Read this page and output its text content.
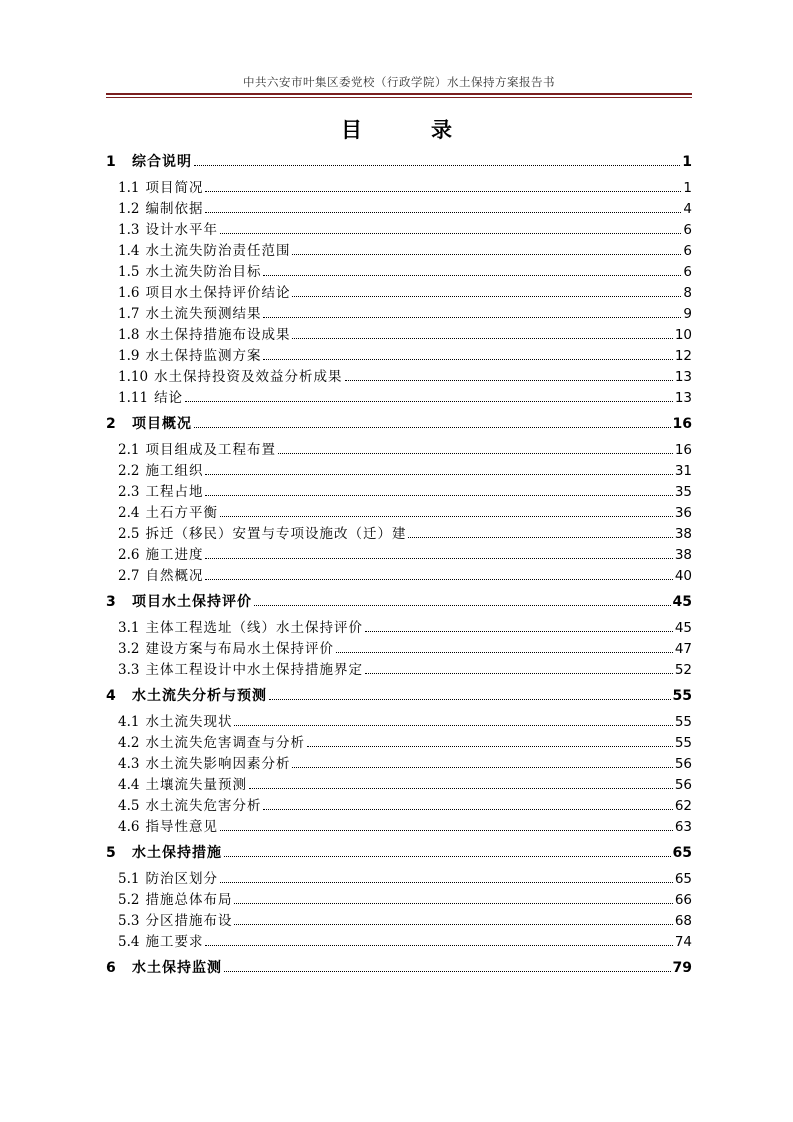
中共六安市叶集区委党校（行政学院）水土保持方案报告书
目　录
1	综合说明	1
1.1 项目简况	1
1.2 编制依据	4
1.3 设计水平年	6
1.4 水土流失防治责任范围	6
1.5 水土流失防治目标	6
1.6 项目水土保持评价结论	8
1.7 水土流失预测结果	9
1.8 水土保持措施布设成果	10
1.9 水土保持监测方案	12
1.10 水土保持投资及效益分析成果	13
1.11 结论	13
2	项目概况	16
2.1 项目组成及工程布置	16
2.2 施工组织	31
2.3 工程占地	35
2.4 土石方平衡	36
2.5 拆迁（移民）安置与专项设施改（迁）建	38
2.6 施工进度	38
2.7 自然概况	40
3	项目水土保持评价	45
3.1 主体工程选址（线）水土保持评价	45
3.2 建设方案与布局水土保持评价	47
3.3 主体工程设计中水土保持措施界定	52
4	水土流失分析与预测	55
4.1 水土流失现状	55
4.2 水土流失危害调查与分析	55
4.3 水土流失影响因素分析	56
4.4 土壤流失量预测	56
4.5 水土流失危害分析	62
4.6 指导性意见	63
5	水土保持措施	65
5.1 防治区划分	65
5.2 措施总体布局	66
5.3 分区措施布设	68
5.4 施工要求	74
6	水土保持监测	79
